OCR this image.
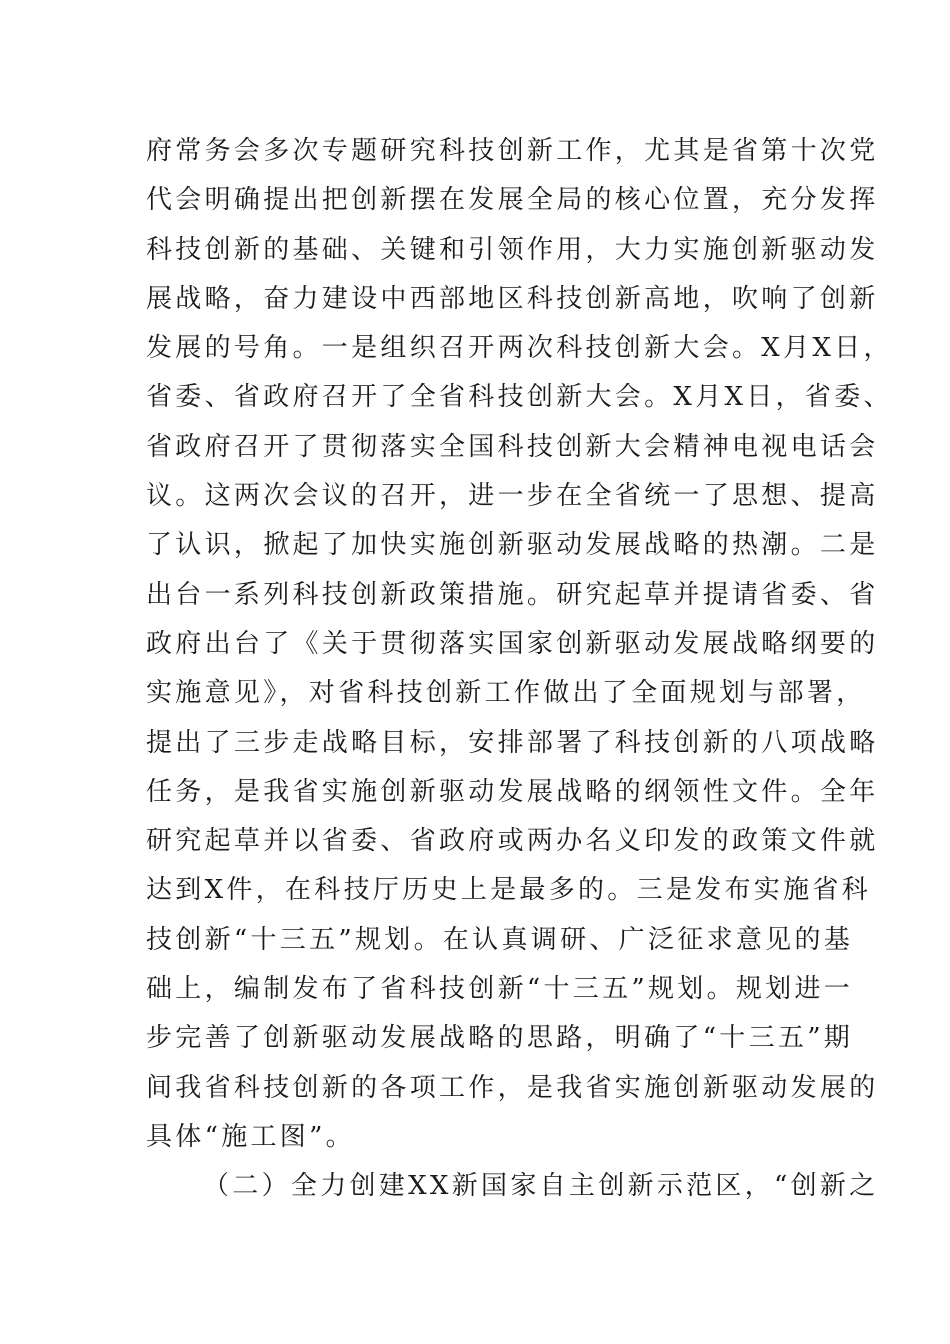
府常务会多次专题研究科技创新工作，尤其是省第十次党
代会明确提出把创新摆在发展全局的核心位置，充分发挥
科技创新的基础、关键和引领作用，大力实施创新驱动发
展战略，奋力建设中西部地区科技创新高地，吹响了创新
发展的号角。一是组织召开两次科技创新大会。X月X日，
省委、省政府召开了全省科技创新大会。X月X日，省委、
省政府召开了贯彻落实全国科技创新大会精神电视电话会
议。这两次会议的召开，进一步在全省统一了思想、提高
了认识，掀起了加快实施创新驱动发展战略的热潮。二是
出台一系列科技创新政策措施。研究起草并提请省委、省
政府出台了《关于贯彻落实国家创新驱动发展战略纲要的
实施意见》，对省科技创新工作做出了全面规划与部署，
提出了三步走战略目标，安排部署了科技创新的八项战略
任务，是我省实施创新驱动发展战略的纲领性文件。全年
研究起草并以省委、省政府或两办名义印发的政策文件就
达到X件，在科技厅历史上是最多的。三是发布实施省科
技创新“十三五”规划。在认真调研、广泛征求意见的基
础上，编制发布了省科技创新“十三五”规划。规划进一
步完善了创新驱动发展战略的思路，明确了“十三五”期
间我省科技创新的各项工作，是我省实施创新驱动发展的
具体“施工图”。
（二）全力创建XX新国家自主创新示范区，“创新之
